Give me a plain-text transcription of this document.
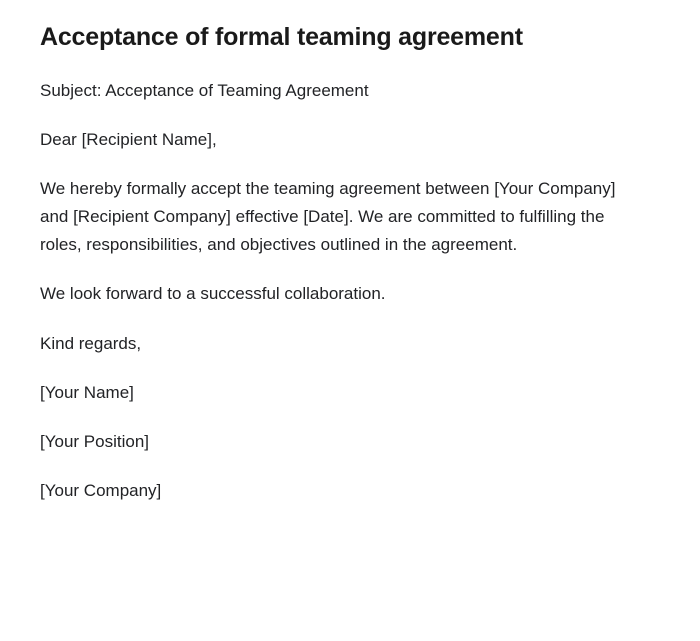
Acceptance of formal teaming agreement

Subject: Acceptance of Teaming Agreement

Dear [Recipient Name],

We hereby formally accept the teaming agreement between [Your Company] and [Recipient Company] effective [Date]. We are committed to fulfilling the roles, responsibilities, and objectives outlined in the agreement.

We look forward to a successful collaboration.

Kind regards,

[Your Name]

[Your Position]

[Your Company]
